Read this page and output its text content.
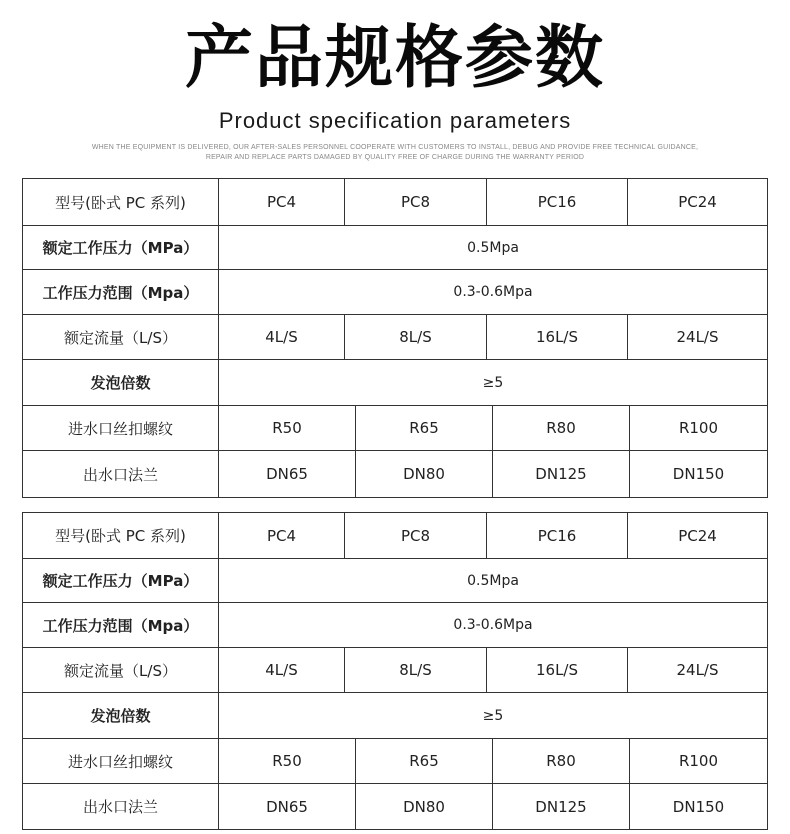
产品规格参数
Product specification parameters
WHEN THE EQUIPMENT IS DELIVERED, OUR AFTER-SALES PERSONNEL COOPERATE WITH CUSTOMERS TO INSTALL, DEBUG AND PROVIDE FREE TECHNICAL GUIDANCE, REPAIR AND REPLACE PARTS DAMAGED BY QUALITY FREE OF CHARGE DURING THE WARRANTY PERIOD
型号(卧式 PC 系列)	PC4	PC8	PC16	PC24
额定工作压力（MPa）	0.5Mpa
工作压力范围（Mpa）	0.3-0.6Mpa
额定流量（L/S）	4L/S	8L/S	16L/S	24L/S
发泡倍数	≥5
进水口丝扣螺纹	R50	R65	R80	R100
出水口法兰	DN65	DN80	DN125	DN150
型号(卧式 PC 系列)	PC4	PC8	PC16	PC24
额定工作压力（MPa）	0.5Mpa
工作压力范围（Mpa）	0.3-0.6Mpa
额定流量（L/S）	4L/S	8L/S	16L/S	24L/S
发泡倍数	≥5
进水口丝扣螺纹	R50	R65	R80	R100
出水口法兰	DN65	DN80	DN125	DN150
